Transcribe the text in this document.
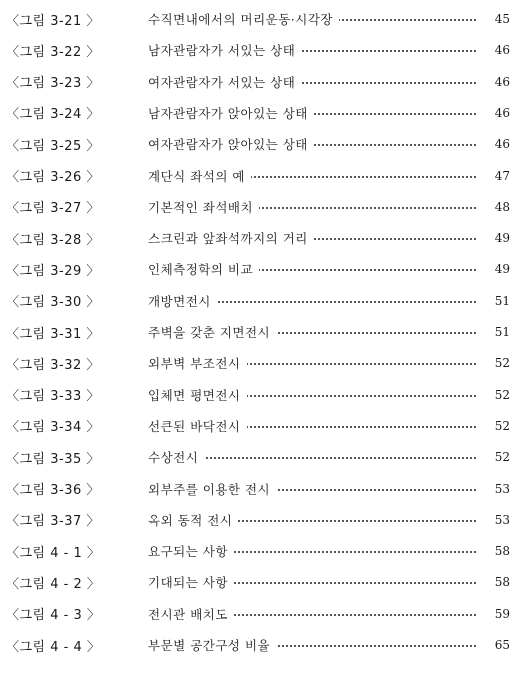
〈그림 3-21 〉	수직면내에서의 머리운동·시각장	45
〈그림 3-22 〉	남자관람자가 서있는 상태	46
〈그림 3-23 〉	여자관람자가 서있는 상태	46
〈그림 3-24 〉	남자관람자가 앉아있는 상태	46
〈그림 3-25 〉	여자관람자가 앉아있는 상태	46
〈그림 3-26 〉	계단식 좌석의 예	47
〈그림 3-27 〉	기본적인 좌석배치	48
〈그림 3-28 〉	스크린과 앞좌석까지의 거리	49
〈그림 3-29 〉	인체측정학의 비교	49
〈그림 3-30 〉	개방면전시	51
〈그림 3-31 〉	주벽을 갖춘 지면전시	51
〈그림 3-32 〉	외부벽 부조전시	52
〈그림 3-33 〉	입체면 평면전시	52
〈그림 3-34 〉	선큰된 바닥전시	52
〈그림 3-35 〉	수상전시	52
〈그림 3-36 〉	외부주를 이용한 전시	53
〈그림 3-37 〉	옥외 동적 전시	53
〈그림 4 - 1 〉	요구되는 사항	58
〈그림 4 - 2 〉	기대되는 사항	58
〈그림 4 - 3 〉	전시관 배치도	59
〈그림 4 - 4 〉	부문별 공간구성 비율	65
